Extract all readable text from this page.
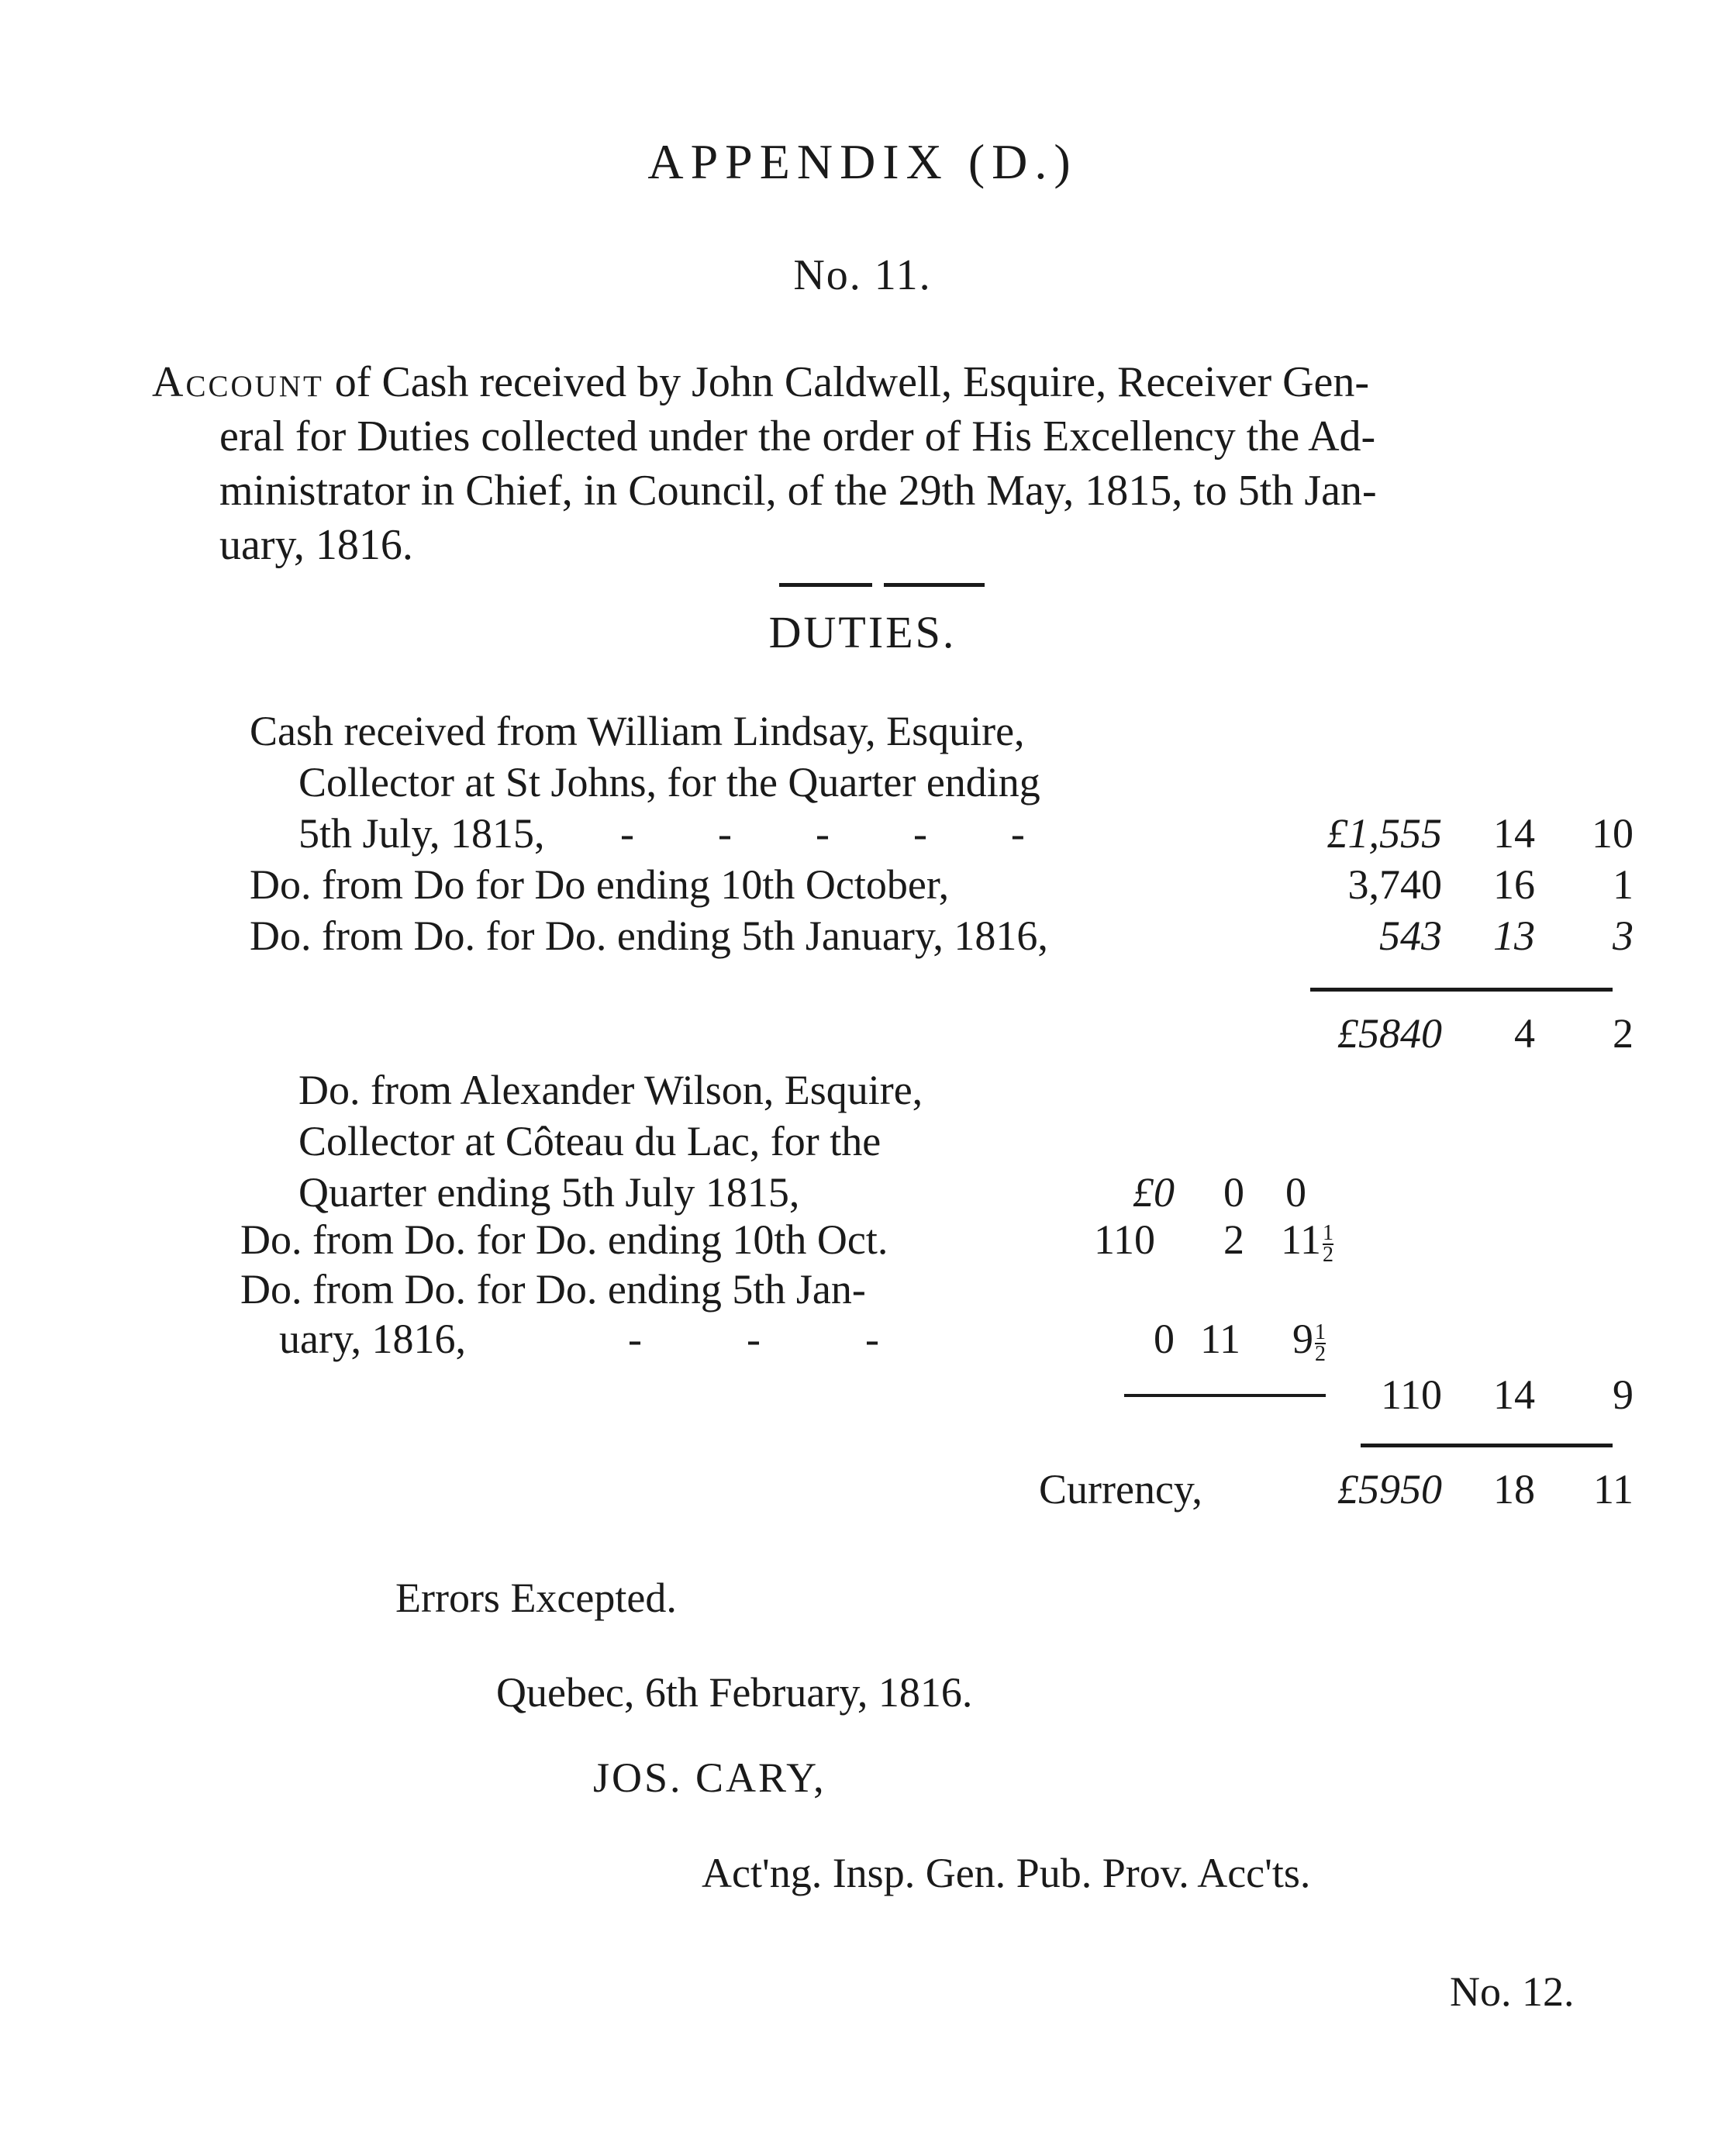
APPENDIX (D.)
No. 11.
Account of Cash received by John Caldwell, Esquire, Receiver Gen-
eral for Duties collected under the order of His Excellency the Ad-
ministrator in Chief, in Council, of the 29th May, 1815, to 5th Jan-
uary, 1816.
DUTIES.
Cash received from William Lindsay, Esquire,
Collector at St Johns, for the Quarter ending
5th July, 1815, -        -        -        -        -	£1,555 14 10
Do. from Do for Do ending 10th October,	3,740 16 1
Do. from Do. for Do. ending 5th January, 1816,	543 13 3
£5840 4 2
Do. from Alexander Wilson, Esquire,
Collector at Côteau du Lac, for the
Quarter ending 5th July 1815,	£0 0 0
Do. from Do. for Do. ending 10th Oct.	110 2 $11 \frac{1}{2}$
Do. from Do. for Do. ending 5th Jan-
uary, 1816,	-          -          -	0 11 $9 \frac{1}{2}$
110 14 9
Currency,	£5950 18 11
Errors Excepted.
Quebec, 6th February, 1816.
JOS. CARY,
Act'ng. Insp. Gen. Pub. Prov. Acc'ts.
No. 12.
